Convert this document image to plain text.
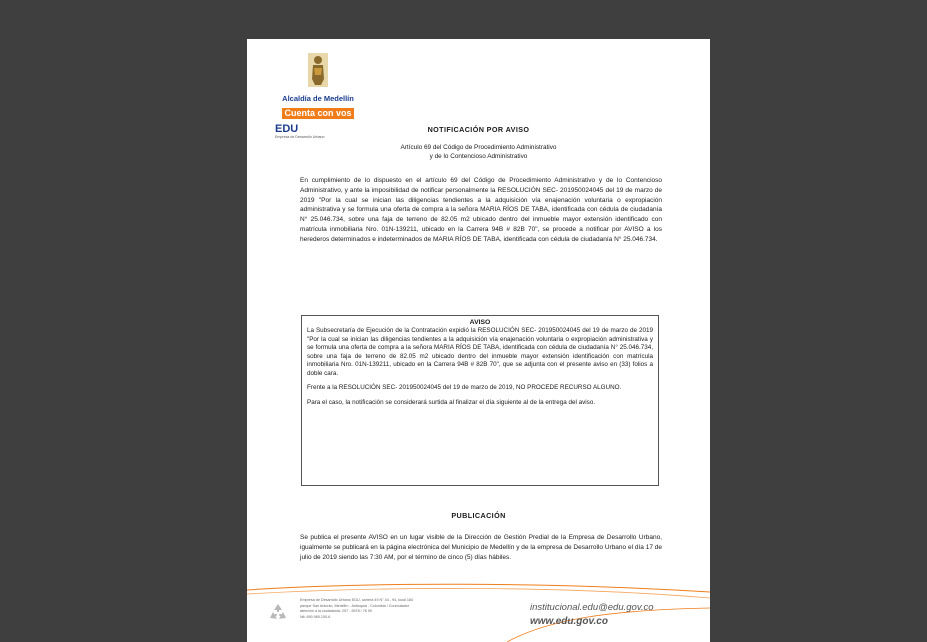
Alcaldía de Medellín
Cuenta con vos
EDU
Empresa de Desarrollo Urbano
NOTIFICACIÓN POR AVISO
Artículo 69 del Código de Procedimiento Administrativo
y de lo Contencioso Administrativo

En cumplimiento de lo dispuesto en el artículo 69 del Código de Procedimiento Administrativo y de lo Contencioso Administrativo, y ante la imposibilidad de notificar personalmente la RESOLUCIÓN SEC- 201950024045 del 19 de marzo de 2019 "Por la cual se inician las diligencias tendientes a la adquisición vía enajenación voluntaria o expropiación administrativa y se formula una oferta de compra a la señora MARIA RÍOS DE TABA, identificada con cédula de ciudadanía N° 25.046.734, sobre una faja de terreno de 82.05 m2 ubicado dentro del inmueble mayor extensión identificado con matrícula inmobiliaria Nro. 01N-139211, ubicado en la Carrera 94B # 82B 70", se procede a notificar por AVISO a los herederos determinados e indeterminados de MARIA RÍOS DE TABA, identificada con cédula de ciudadanía N° 25.046.734.

AVISO

La Subsecretaría de Ejecución de la Contratación expidió la RESOLUCIÓN SEC- 201950024045 del 19 de marzo de 2019 "Por la cual se inician las diligencias tendientes a la adquisición vía enajenación voluntaria o expropiación administrativa y se formula una oferta de compra a la señora MARIA RÍOS DE TABA, identificada con cédula de ciudadanía N° 25.046.734, sobre una faja de terreno de 82.05 m2 ubicado dentro del inmueble mayor extensión identificación con matrícula inmobiliaria Nro. 01N-139211, ubicado en la Carrera 94B # 82B 70", que se adjunta con el presente aviso en (33) folios a doble cara.

Frente a la RESOLUCIÓN SEC- 201950024045 del 19 de marzo de 2019, NO PROCEDE RECURSO ALGUNO.

Para el caso, la notificación se considerará surtida al finalizar el día siguiente al de la entrega del aviso.

PUBLICACIÓN

Se publica el presente AVISO en un lugar visible de la Dirección de Gestión Predial de la Empresa de Desarrollo Urbano, igualmente se publicará en la página electrónica del Municipio de Medellín y de la empresa de Desarrollo Urbano el día 17 de julio de 2019 siendo las 7:30 AM, por el término de cinco (5) días hábiles.

Empresa de Desarrollo Urbano EDU, carrera 49 N° 44 - 94, local 184
parque San Antonio, Medellín - Antioquia - Colombia / Conmutador
atención a la ciudadanía: 257 - 6978 / 76 90
Nit: 890.980.150-6
institucional.edu@edu.gov.co
www.edu.gov.co
